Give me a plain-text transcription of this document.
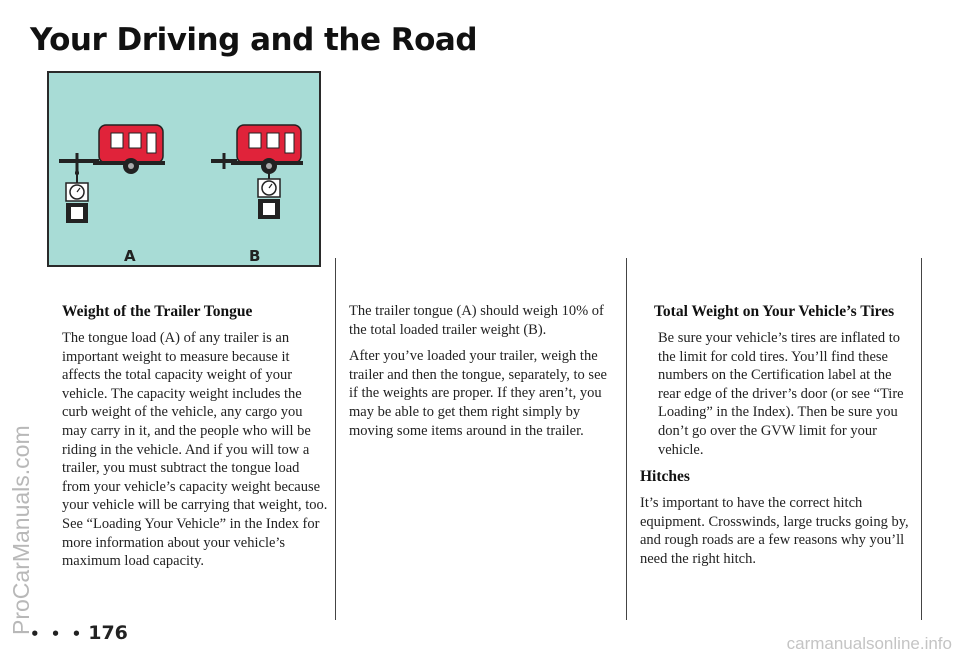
Your Driving and the Road
ProCarManuals.com
A	B
Weight of the Trailer Tongue

The tongue load (A) of any trailer is an important weight to measure because it affects the total capacity weight of your vehicle. The capacity weight includes the curb weight of the vehicle, any cargo you may carry in it, and the people who will be riding in the vehicle. And if you will tow a trailer, you must subtract the tongue load from your vehicle’s capacity weight because your vehicle will be carrying that weight, too. See “Loading Your Vehicle” in the Index for more information about your vehicle’s maximum load capacity.

The trailer tongue (A) should weigh 10% of the total loaded trailer weight (B).

After you’ve loaded your trailer, weigh the trailer and then the tongue, separately, to see if the weights are proper. If they aren’t, you may be able to get them right simply by moving some items around in the trailer.

Total Weight on Your Vehicle’s Tires

Be sure your vehicle’s tires are inflated to the limit for cold tires. You’ll find these numbers on the Certification label at the rear edge of the driver’s door (or see “Tire Loading” in the Index). Then be sure you don’t go over the GVW limit for your vehicle.

Hitches

It’s important to have the correct hitch equipment. Crosswinds, large trucks going by, and rough roads are a few reasons why you’ll need the right hitch.

• • • 176	carmanualsonline.info
